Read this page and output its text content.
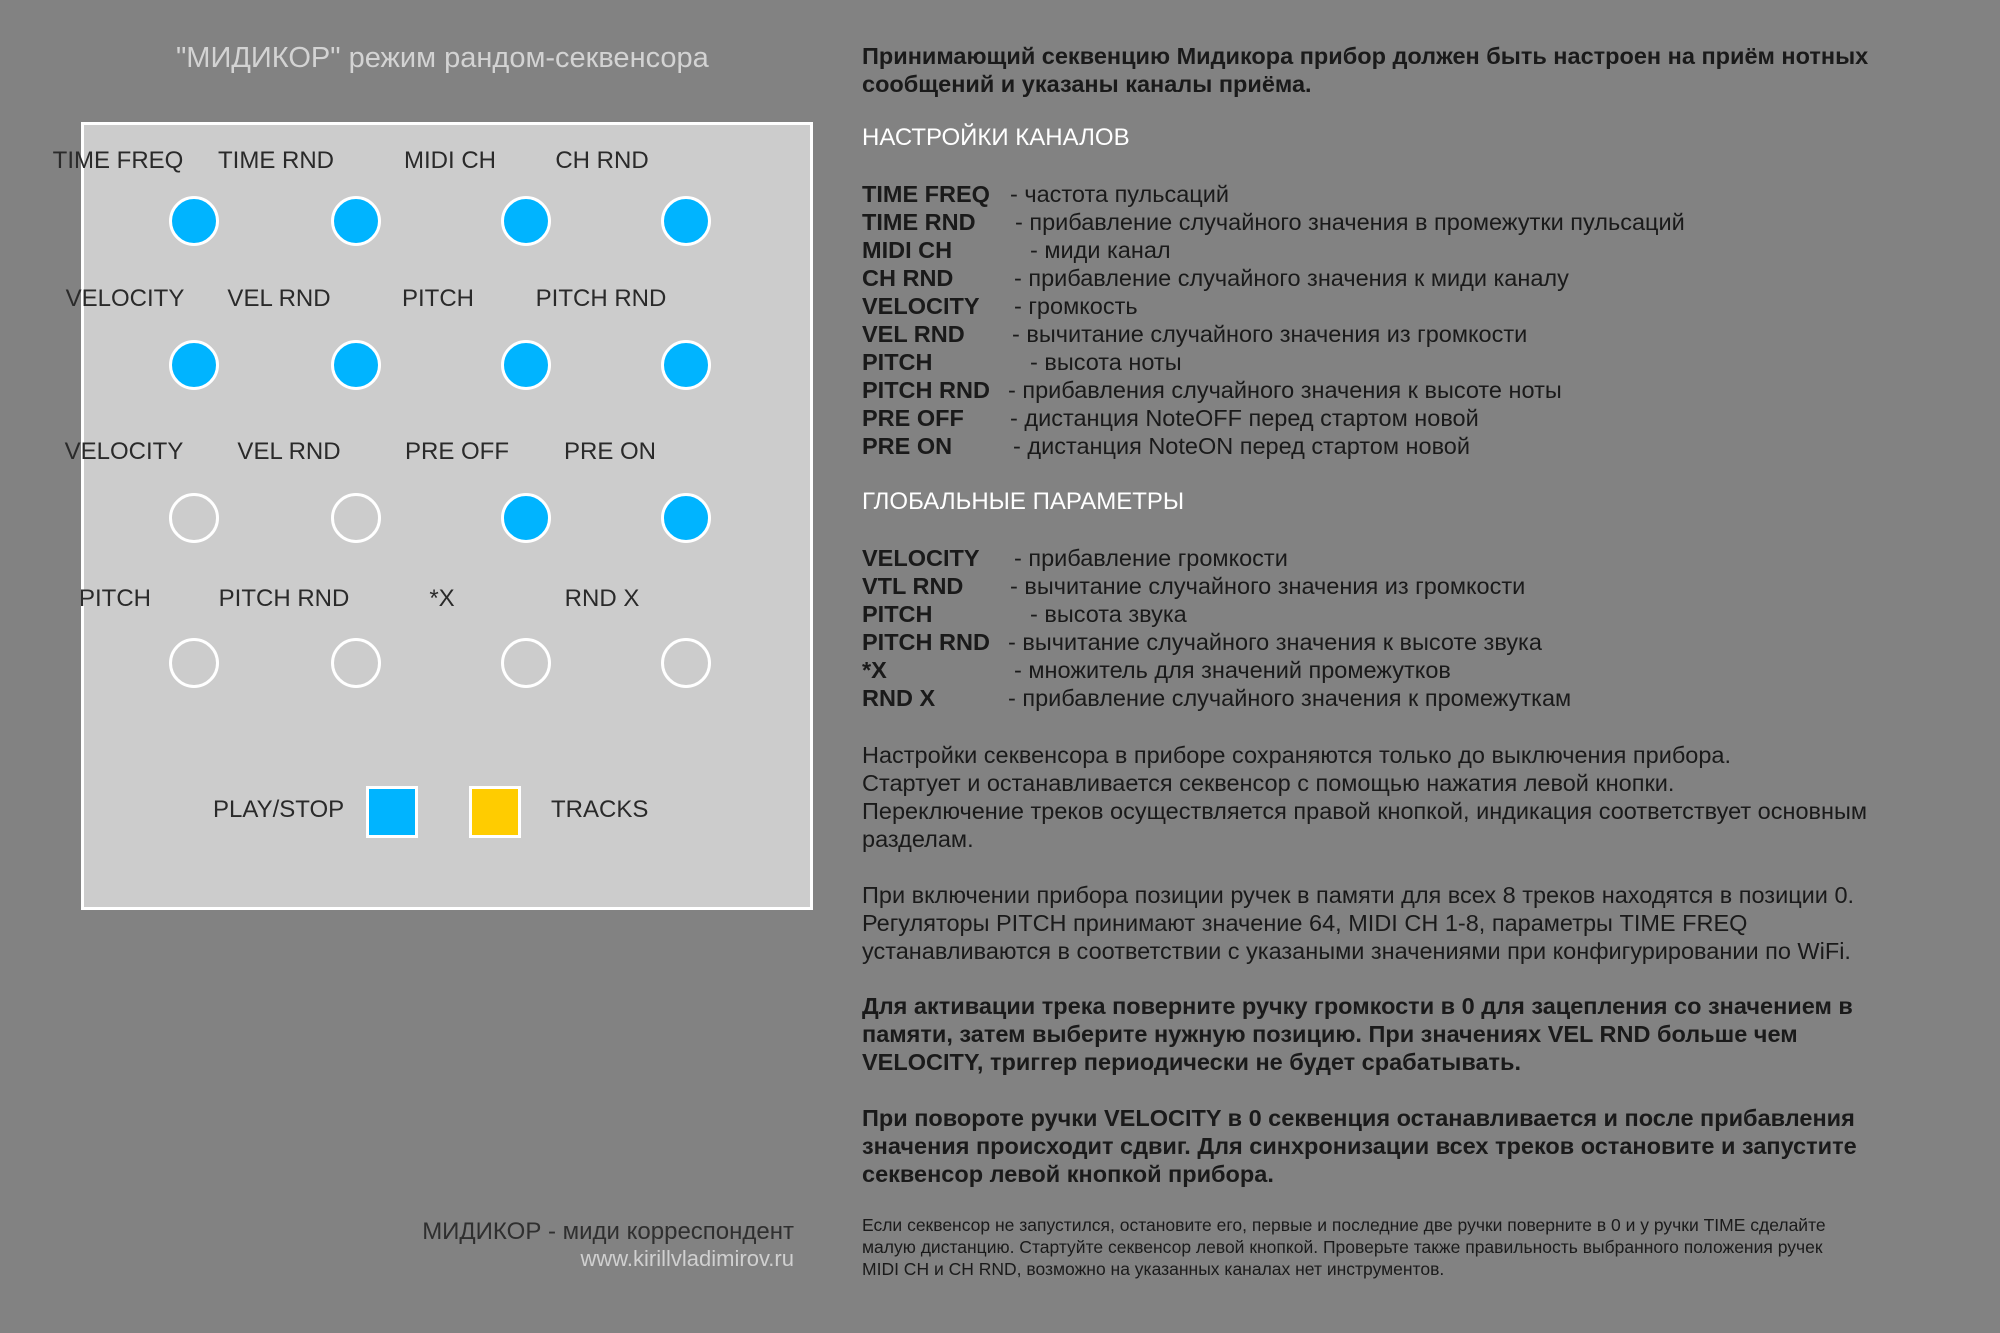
"МИДИКОР" режим рандом-секвенсора
PLAY/STOP	TRACKS
TIME FREQ TIME RND	MIDI CH CH RND
VELOCITY VEL RND	PITCH	PITCH RND
VELOCITY VEL RND	PRE OFF PRE ON
PITCH	PITCH RND	*X	RND X
МИДИКОР - миди корреспондент
www.kirillvladimirov.ru

Принимающий секвенцию Мидикора прибор должен быть настроен на приём нотных

сообщений и указаны каналы приёма.

НАСТРОЙКИ КАНАЛОВ
TIME FREQ - частота пульсаций
TIME RND - прибавление случайного значения в промежутки пульсаций
MIDI CH	- миди канал
CH RND	- прибавление случайного значения к миди каналу
VELOCITY - громкость
VEL RND - вычитание случайного значения из громкости
PITCH	- высота ноты
PITCH RND - прибавления случайного значения к высоте ноты
PRE OFF - дистанция NoteOFF перед стартом новой
PRE ON	- дистанция NoteON перед стартом новой
ГЛОБАЛЬНЫЕ ПАРАМЕТРЫ
VELOCITY - прибавление громкости
VTL RND - вычитание случайного значения из громкости
PITCH	- высота звука
PITCH RND - вычитание случайного значения к высоте звука
*X	- множитель для значений промежутков
RND X	- прибавление случайного значения к промежуткам

Настройки секвенсора в приборе сохраняются только до выключения прибора.

Стартует и останавливается секвенсор с помощью нажатия левой кнопки.

Переключение треков осуществляется правой кнопкой, индикация соответствует основным

разделам.

При включении прибора позиции ручек в памяти для всех 8 треков находятся в позиции 0.

Регуляторы PITCH принимают значение 64, MIDI CH 1-8, параметры TIME FREQ

устанавливаются в соответствии с указаными значениями при конфигурировании по WiFi.

Для активации трека поверните ручку громкости в 0 для зацепления со значением в

памяти, затем выберите нужную позицию. При значениях VEL RND больше чем

VELOCITY, триггер периодически не будет срабатывать.

При повороте ручки VELOCITY в 0 секвенция останавливается и после прибавления

значения происходит сдвиг. Для синхронизации всех треков остановите и запустите

секвенсор левой кнопкой прибора.

Если секвенсор не запустился, остановите его, первые и последние две ручки поверните в 0 и у ручки TIME сделайте

малую дистанцию. Стартуйте секвенсор левой кнопкой. Проверьте также правильность выбранного положения ручек

MIDI CH и CH RND, возможно на указанных каналах нет инструментов.
